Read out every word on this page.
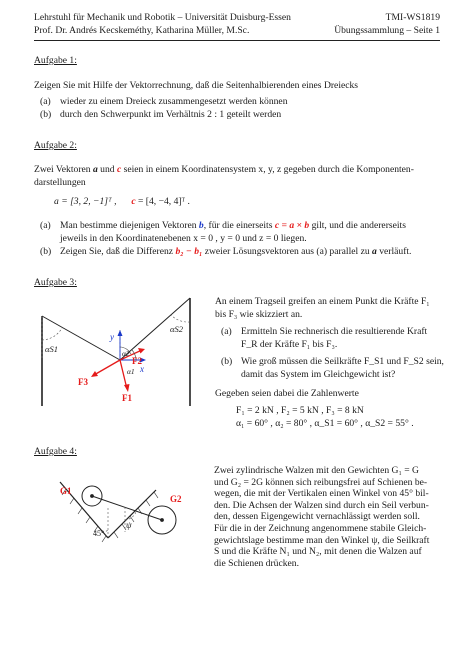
Lehrstuhl für Mechanik und Robotik – Universität Duisburg-Essen
Prof. Dr. Andrés Kecskeméthy, Katharina Müller, M.Sc.
TMI-WS1819
Übungssammlung – Seite 1
Aufgabe 1:

Zeigen Sie mit Hilfe der Vektorrechnung, daß die Seitenhalbierenden eines Dreiecks

(a) wieder zu einem Dreieck zusammengesetzt werden können
(b) durch den Schwerpunkt im Verhältnis 2 : 1 geteilt werden
Aufgabe 2:

Zwei Vektoren a und c seien in einem Koordinatensystem x, y, z gegeben durch die Komponenten-

darstellungen

a = [3, 2, −1]ᵀ , c = [4, −4, 4]ᵀ .

(a) Man bestimme diejenigen Vektoren b, für die einerseits c = a × b gilt, und die andererseits

jeweils in den Koordinatenebenen x = 0 , y = 0 und z = 0 liegen.

(b) Zeigen Sie, daß die Differenz b₂ − b₁ zweier Lösungsvektoren aus (a) parallel zu a verläuft.

Aufgabe 3:
αS1
αS2
α2
α1
y
x
F1
F2
F3

An einem Tragseil greifen an einem Punkt die Kräfte F₁

bis F₃ wie skizziert an.

(a) Ermitteln Sie rechnerisch die resultierende Kraft

F_R der Kräfte F₁ bis F₃.

(b) Wie groß müssen die Seilkräfte F_S1 und F_S2 sein,

damit das System im Gleichgewicht ist?

Gegeben seien dabei die Zahlenwerte

F₁ = 2 kN , F₂ = 5 kN , F₃ = 8 kN

α₁ = 60° , α₂ = 80° , α_S1 = 60° , α_S2 = 55° .

Aufgabe 4:
G1
G2
45°
ψ

Zwei zylindrische Walzen mit den Gewichten G₁ = G

und G₂ = 2G können sich reibungsfrei auf Schienen be-

wegen, die mit der Vertikalen einen Winkel von 45° bil-

den. Die Achsen der Walzen sind durch ein Seil verbun-

den, dessen Eigengewicht vernachlässigt werden soll.

Für die in der Zeichnung angenommene stabile Gleich-

gewichtslage bestimme man den Winkel ψ, die Seilkraft

S und die Kräfte N₁ und N₂, mit denen die Walzen auf

die Schienen drücken.
